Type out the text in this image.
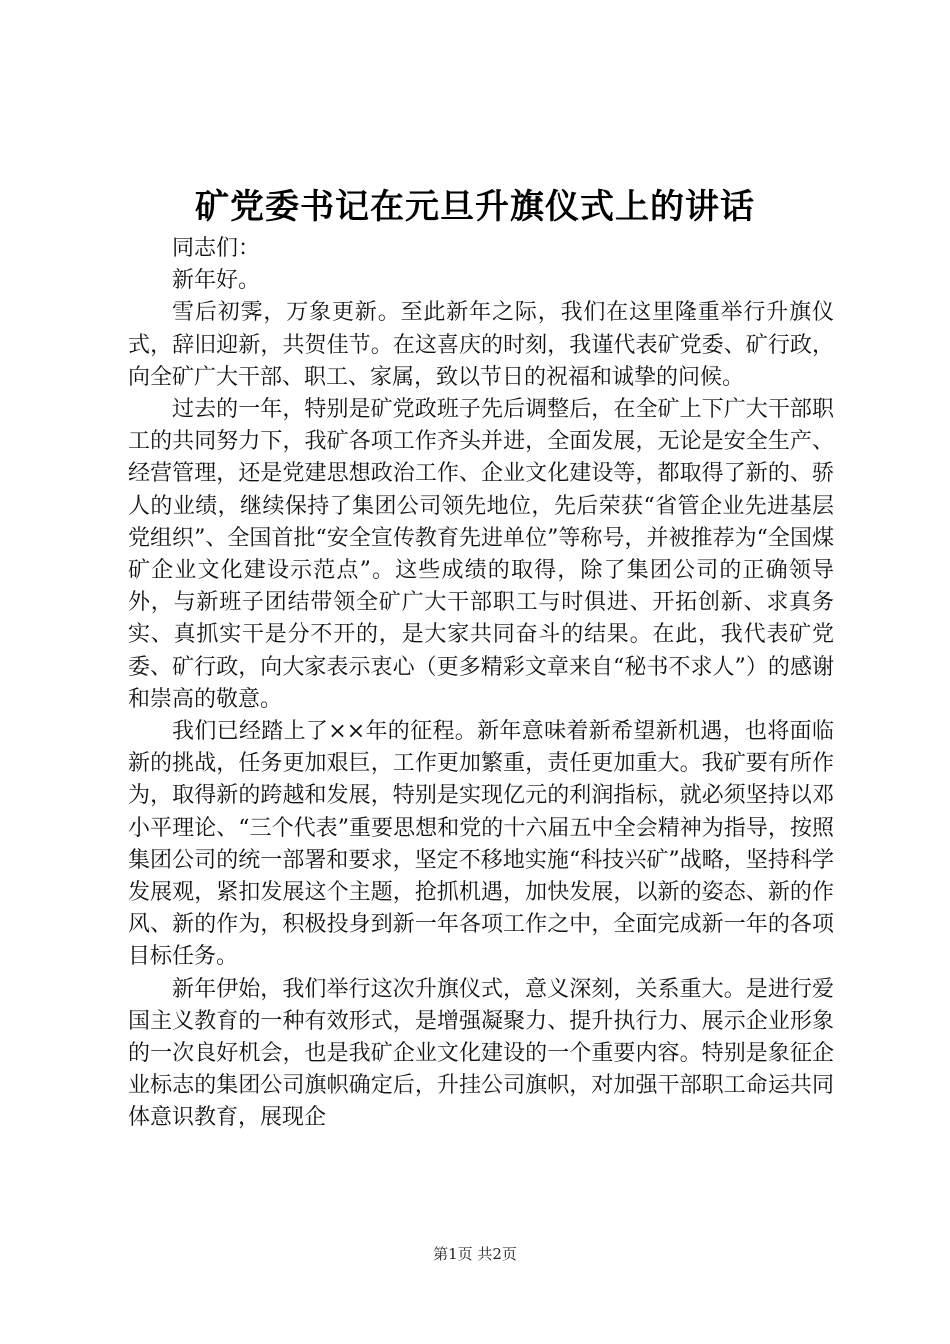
矿党委书记在元旦升旗仪式上的讲话

同志们：

新年好。

雪后初霁，万象更新。至此新年之际，我们在这里隆重举行升旗仪式，辞旧迎新，共贺佳节。在这喜庆的时刻，我谨代表矿党委、矿行政，向全矿广大干部、职工、家属，致以节日的祝福和诚挚的问候。

过去的一年，特别是矿党政班子先后调整后，在全矿上下广大干部职工的共同努力下，我矿各项工作齐头并进，全面发展，无论是安全生产、经营管理，还是党建思想政治工作、企业文化建设等，都取得了新的、骄人的业绩，继续保持了集团公司领先地位，先后荣获“省管企业先进基层党组织”、全国首批“安全宣传教育先进单位”等称号，并被推荐为“全国煤矿企业文化建设示范点”。这些成绩的取得，除了集团公司的正确领导外，与新班子团结带领全矿广大干部职工与时俱进、开拓创新、求真务实、真抓实干是分不开的，是大家共同奋斗的结果。在此，我代表矿党委、矿行政，向大家表示衷心（更多精彩文章来自“秘书不求人”）的感谢和崇高的敬意。

我们已经踏上了××年的征程。新年意味着新希望新机遇，也将面临新的挑战，任务更加艰巨，工作更加繁重，责任更加重大。我矿要有所作为，取得新的跨越和发展，特别是实现亿元的利润指标，就必须坚持以邓小平理论、“三个代表”重要思想和党的十六届五中全会精神为指导，按照集团公司的统一部署和要求，坚定不移地实施“科技兴矿”战略，坚持科学发展观，紧扣发展这个主题，抢抓机遇，加快发展，以新的姿态、新的作风、新的作为，积极投身到新一年各项工作之中，全面完成新一年的各项目标任务。

新年伊始，我们举行这次升旗仪式，意义深刻，关系重大。是进行爱国主义教育的一种有效形式，是增强凝聚力、提升执行力、展示企业形象的一次良好机会，也是我矿企业文化建设的一个重要内容。特别是象征企业标志的集团公司旗帜确定后，升挂公司旗帜，对加强干部职工命运共同体意识教育，展现企

第1页 共2页
